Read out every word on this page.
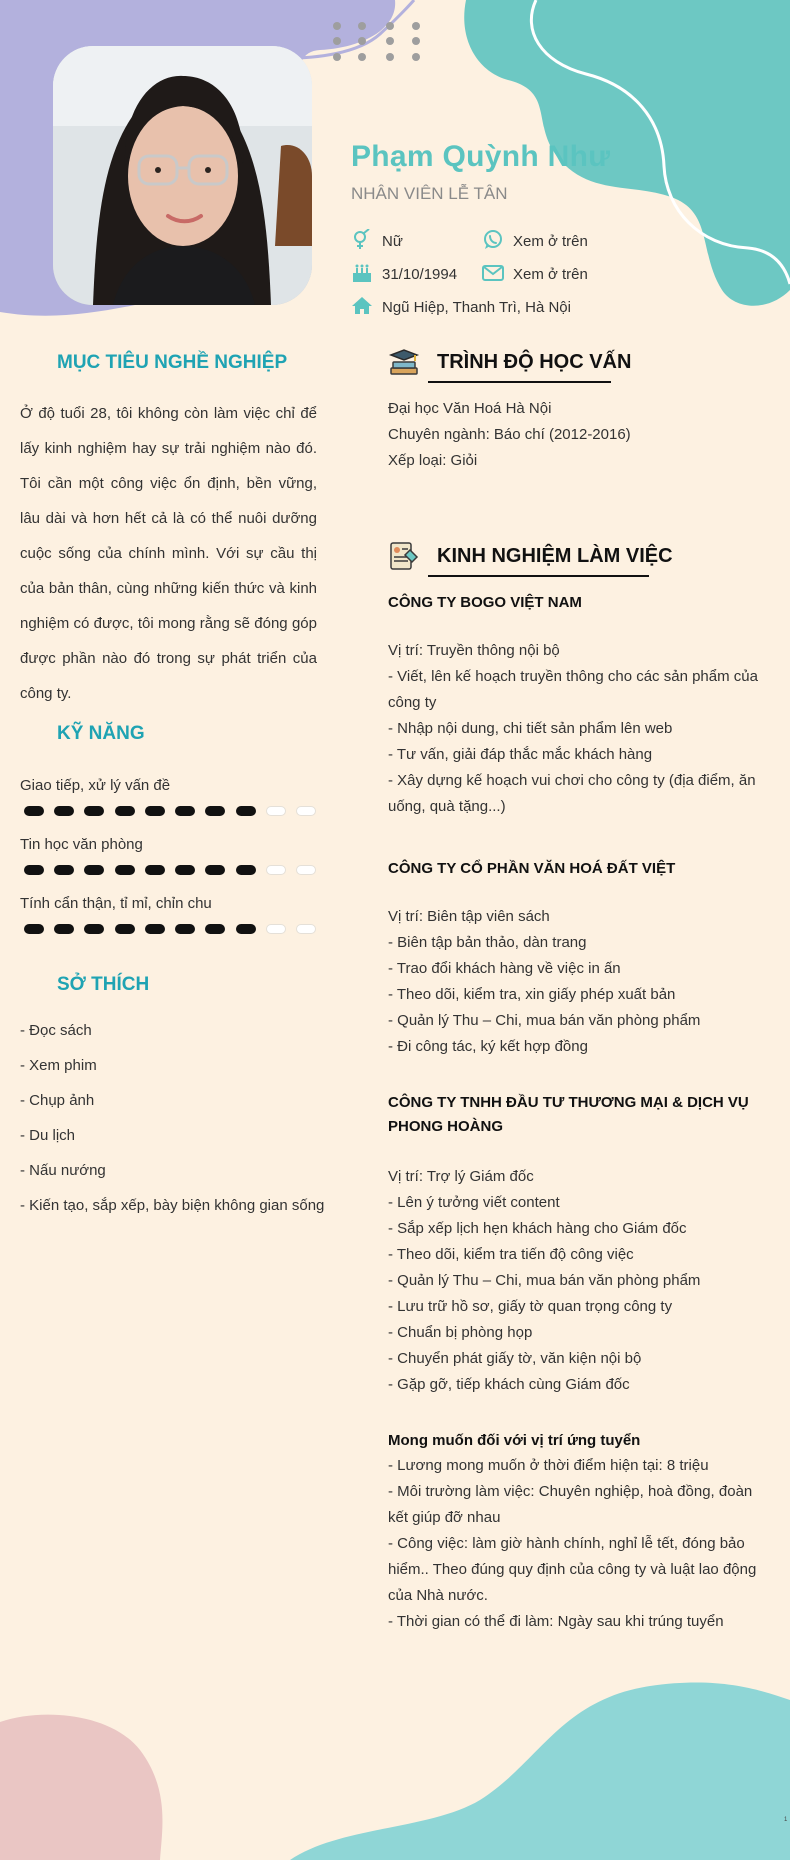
Phạm Quỳnh Như
NHÂN VIÊN LỄ TÂN
Nữ	Xem ở trên
31/10/1994	Xem ở trên
Ngũ Hiệp, Thanh Trì, Hà Nội
MỤC TIÊU NGHỀ NGHIỆP
Ở độ tuổi 28, tôi không còn làm việc chỉ để lấy kinh nghiệm hay sự trải nghiệm nào đó. Tôi cần một công việc ổn định, bền vững, lâu dài và hơn hết cả là có thể nuôi dưỡng cuộc sống của chính mình. Với sự cầu thị của bản thân, cùng những kiến thức và kinh nghiệm có được, tôi mong rằng sẽ đóng góp được phần nào đó trong sự phát triển của công ty.
KỸ NĂNG
Giao tiếp, xử lý vấn đề
Tin học văn phòng
Tính cẩn thận, tỉ mỉ, chỉn chu
SỞ THÍCH
- Đọc sách
- Xem phim
- Chụp ảnh
- Du lịch
- Nấu nướng
- Kiến tạo, sắp xếp, bày biện không gian sống
TRÌNH ĐỘ HỌC VẤN
Đại học Văn Hoá Hà Nội
Chuyên ngành: Báo chí (2012-2016)
Xếp loại: Giỏi
KINH NGHIỆM LÀM VIỆC
CÔNG TY BOGO VIỆT NAM
Vị trí: Truyền thông nội bộ
- Viết, lên kế hoạch truyền thông cho các sản phẩm của công ty
- Nhập nội dung, chi tiết sản phẩm lên web
- Tư vấn, giải đáp thắc mắc khách hàng
- Xây dựng kế hoạch vui chơi cho công ty (địa điểm, ăn uống, quà tặng...)
CÔNG TY CỔ PHẦN VĂN HOÁ ĐẤT VIỆT
Vị trí: Biên tập viên sách
- Biên tập bản thảo, dàn trang
- Trao đổi khách hàng về việc in ấn
- Theo dõi, kiểm tra, xin giấy phép xuất bản
- Quản lý Thu – Chi, mua bán văn phòng phẩm
- Đi công tác, ký kết hợp đồng
CÔNG TY TNHH ĐẦU TƯ THƯƠNG MẠI & DỊCH VỤ PHONG HOÀNG
Vị trí: Trợ lý Giám đốc
- Lên ý tưởng viết content
- Sắp xếp lịch hẹn khách hàng cho Giám đốc
- Theo dõi, kiểm tra tiến độ công việc
- Quản lý Thu – Chi, mua bán văn phòng phẩm
- Lưu trữ hồ sơ, giấy tờ quan trọng công ty
- Chuẩn bị phòng họp
- Chuyển phát giấy tờ, văn kiện nội bộ
- Gặp gỡ, tiếp khách cùng Giám đốc
Mong muốn đối với vị trí ứng tuyển
- Lương mong muốn ở thời điểm hiện tại: 8 triệu
- Môi trường làm việc: Chuyên nghiệp, hoà đồng, đoàn kết giúp đỡ nhau
- Công việc: làm giờ hành chính, nghỉ lễ tết, đóng bảo hiểm.. Theo đúng quy định của công ty và luật lao động của Nhà nước.
- Thời gian có thể đi làm: Ngày sau khi trúng tuyển
1
